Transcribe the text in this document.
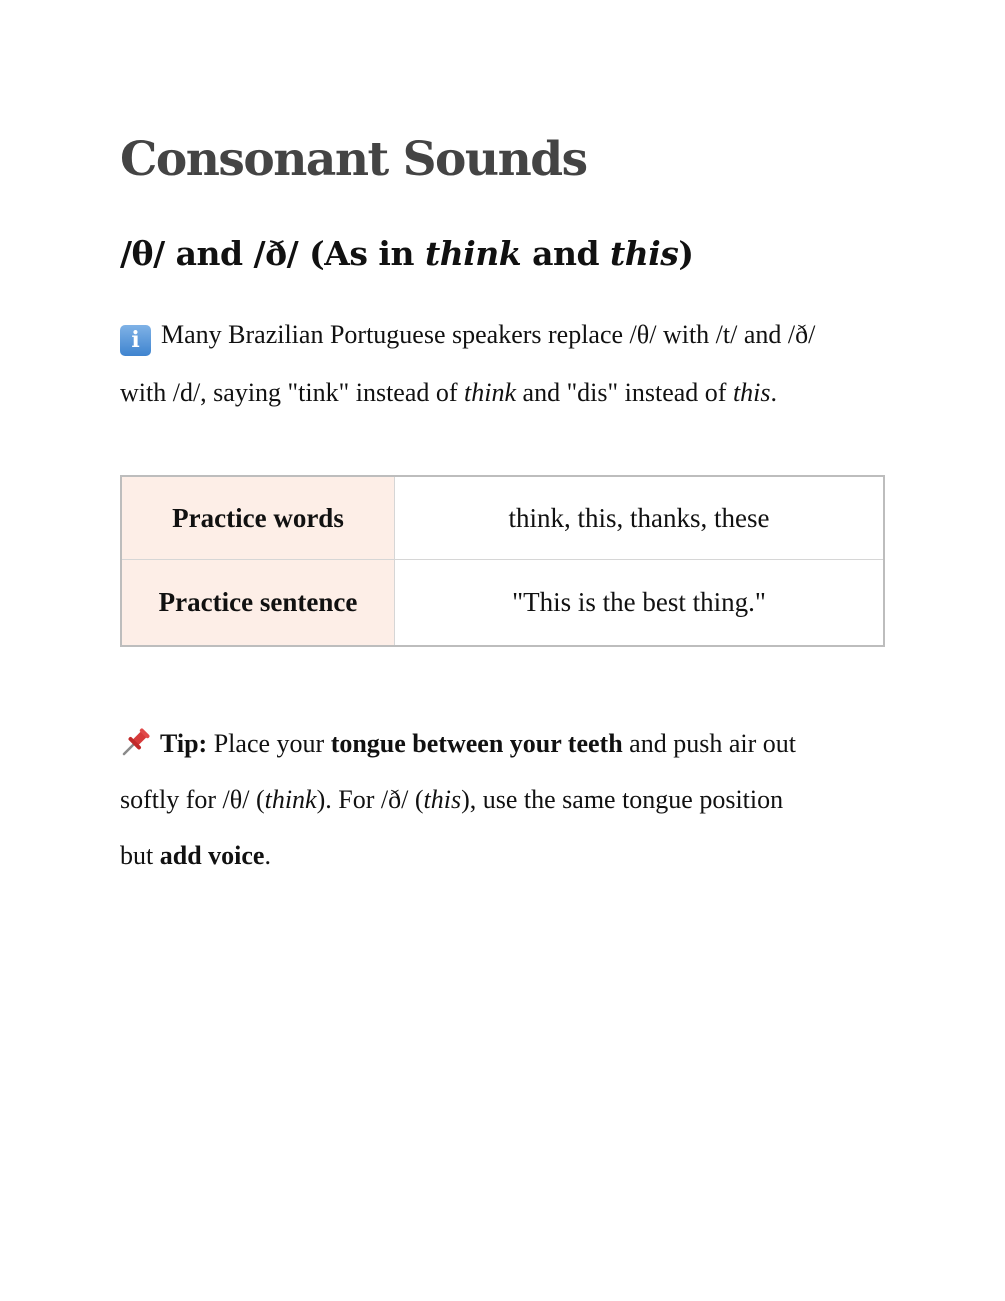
Consonant Sounds
/θ/ and /ð/ (As in think and this)
i Many Brazilian Portuguese speakers replace /θ/ with /t/ and /ð/
with /d/, saying "tink" instead of think and "dis" instead of this.
Practice words	think, this, thanks, these
Practice sentence	"This is the best thing."
Tip: Place your tongue between your teeth and push air out
softly for /θ/ (think). For /ð/ (this), use the same tongue position
but add voice.
